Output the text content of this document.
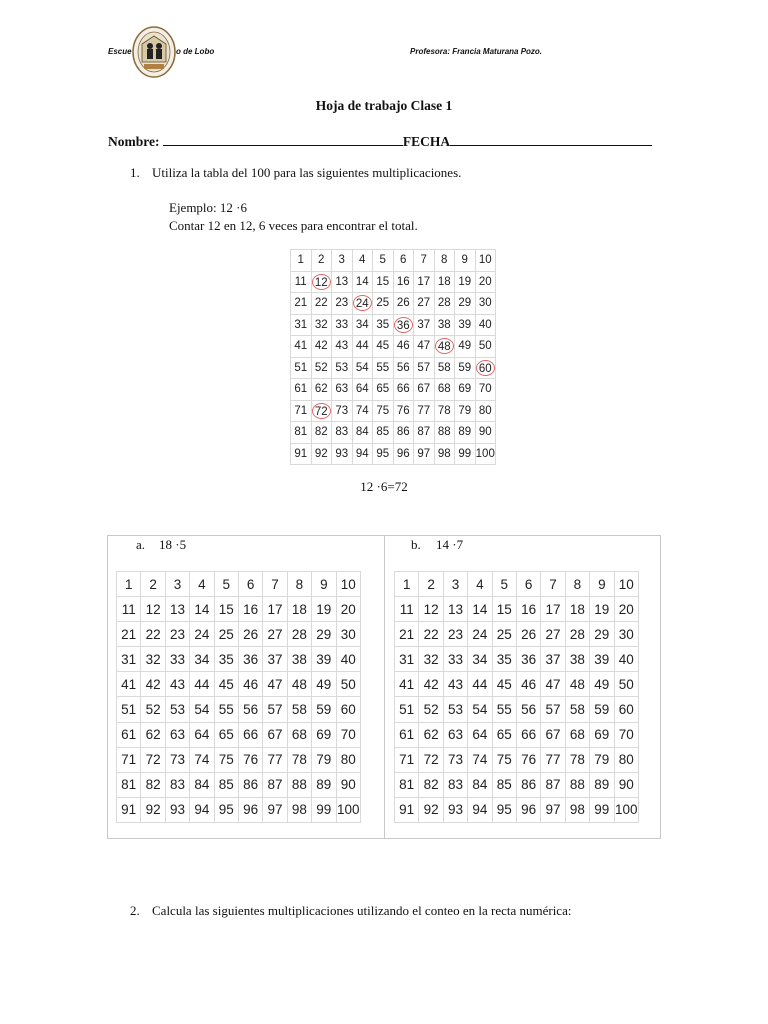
Escue	o de Lobo	Profesora: Francia Maturana Pozo.
Hoja de trabajo Clase 1
Nombre:	FECHA
1. Utiliza la tabla del 100 para las siguientes multiplicaciones.
Ejemplo: 12 ·6
Contar 12 en 12, 6 veces para encontrar el total.
1	2	3	4	5	6	7	8	9	10
11	12	13	14	15	16	17	18	19	20
21	22	23	24	25	26	27	28	29	30
31	32	33	34	35	36	37	38	39	40
41	42	43	44	45	46	47	48	49	50
51	52	53	54	55	56	57	58	59	60
61	62	63	64	65	66	67	68	69	70
71	72	73	74	75	76	77	78	79	80
81	82	83	84	85	86	87	88	89	90
91	92	93	94	95	96	97	98	99	100
12 ·6=72
a. 18 ·5	b. 14 ·7
1	2	3	4	5	6	7	8	9	10
11	12	13	14	15	16	17	18	19	20
21	22	23	24	25	26	27	28	29	30
31	32	33	34	35	36	37	38	39	40
41	42	43	44	45	46	47	48	49	50
51	52	53	54	55	56	57	58	59	60
61	62	63	64	65	66	67	68	69	70
71	72	73	74	75	76	77	78	79	80
81	82	83	84	85	86	87	88	89	90
91	92	93	94	95	96	97	98	99	100
1	2	3	4	5	6	7	8	9	10
11	12	13	14	15	16	17	18	19	20
21	22	23	24	25	26	27	28	29	30
31	32	33	34	35	36	37	38	39	40
41	42	43	44	45	46	47	48	49	50
51	52	53	54	55	56	57	58	59	60
61	62	63	64	65	66	67	68	69	70
71	72	73	74	75	76	77	78	79	80
81	82	83	84	85	86	87	88	89	90
91	92	93	94	95	96	97	98	99	100
2. Calcula las siguientes multiplicaciones utilizando el conteo en la recta numérica:
